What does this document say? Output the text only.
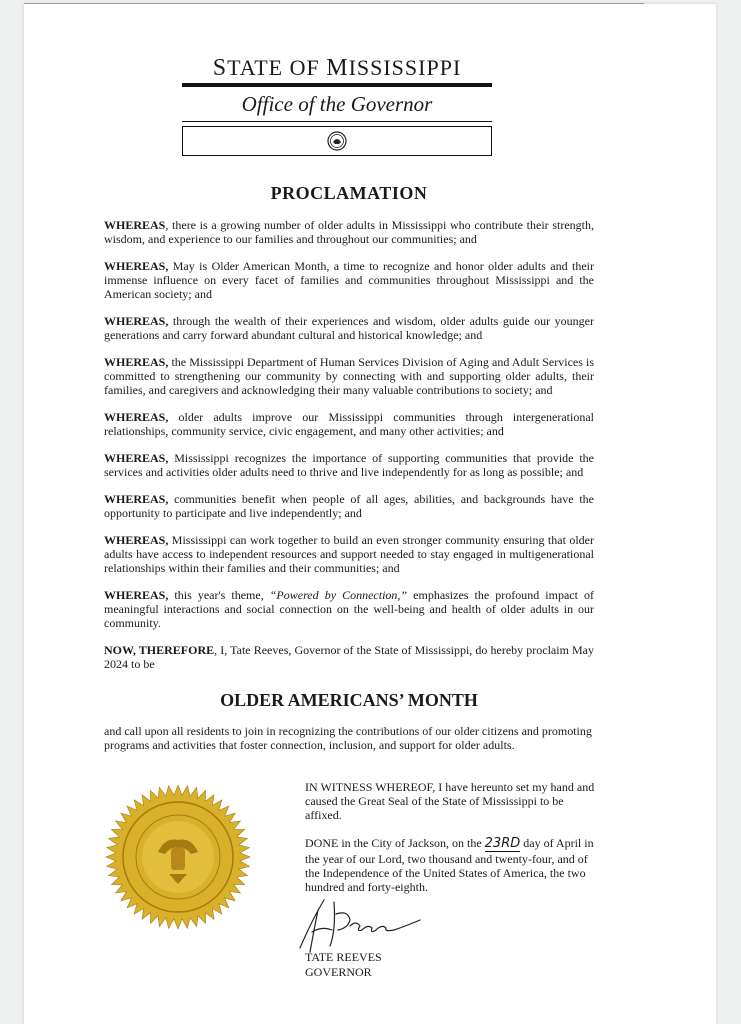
STATE OF MISSISSIPPI
Office of the Governor
PROCLAMATION

WHEREAS, there is a growing number of older adults in Mississippi who contribute their strength, wisdom, and experience to our families and throughout our communities; and

WHEREAS, May is Older American Month, a time to recognize and honor older adults and their immense influence on every facet of families and communities throughout Mississippi and the American society; and

WHEREAS, through the wealth of their experiences and wisdom, older adults guide our younger generations and carry forward abundant cultural and historical knowledge; and

WHEREAS, the Mississippi Department of Human Services Division of Aging and Adult Services is committed to strengthening our community by connecting with and supporting older adults, their families, and caregivers and acknowledging their many valuable contributions to society; and

WHEREAS, older adults improve our Mississippi communities through intergenerational relationships, community service, civic engagement, and many other activities; and

WHEREAS, Mississippi recognizes the importance of supporting communities that provide the services and activities older adults need to thrive and live independently for as long as possible; and

WHEREAS, communities benefit when people of all ages, abilities, and backgrounds have the opportunity to participate and live independently; and

WHEREAS, Mississippi can work together to build an even stronger community ensuring that older adults have access to independent resources and support needed to stay engaged in multigenerational relationships within their families and their communities; and

WHEREAS, this year's theme, “Powered by Connection,” emphasizes the profound impact of meaningful interactions and social connection on the well-being and health of older adults in our community.

NOW, THEREFORE, I, Tate Reeves, Governor of the State of Mississippi, do hereby proclaim May 2024 to be

OLDER AMERICANS’ MONTH
and call upon all residents to join in recognizing the contributions of our older citizens and promoting programs and activities that foster connection, inclusion, and support for older adults.

IN WITNESS WHEREOF, I have hereunto set my hand and caused the Great Seal of the State of Mississippi to be affixed.

DONE in the City of Jackson, on the 23RD day of April in the year of our Lord, two thousand and twenty-four, and of the Independence of the United States of America, the two hundred and forty-eighth.

TATE REEVES
GOVERNOR
